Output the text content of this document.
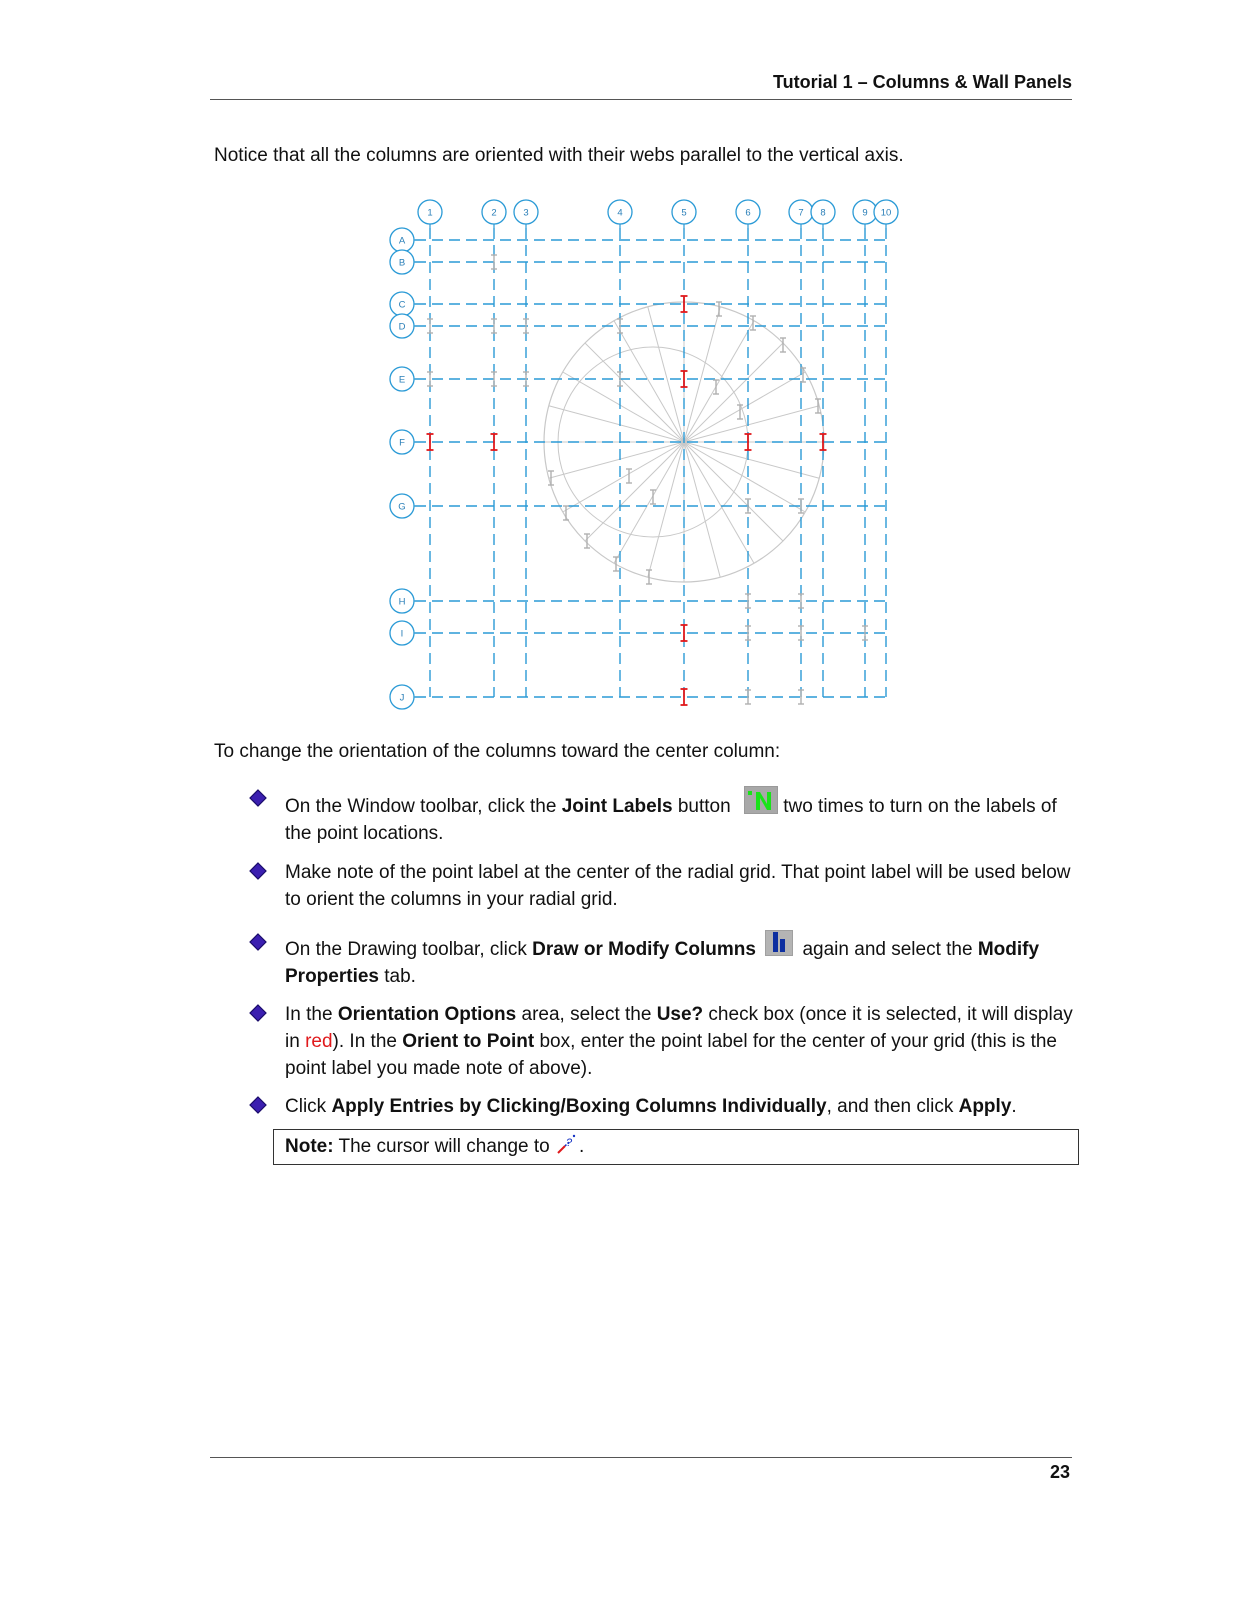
Tutorial 1 – Columns & Wall Panels
Notice that all the columns are oriented with their webs parallel to the vertical axis.
1	2	3	4	5	6	7 8	9 10
A
B
C
D
E
F
G
H
I
J
To change the orientation of the columns toward the center column:
On the Window toolbar, click the Joint Labels button  two times to turn on the labels of the point locations.
Make note of the point label at the center of the radial grid. That point label will be used below to orient the columns in your radial grid.
On the Drawing toolbar, click Draw or Modify Columns  again and select the Modify Properties tab.
In the Orientation Options area, select the Use? check box (once it is selected, it will display in red). In the Orient to Point box, enter the point label for the center of your grid (this is the point label you made note of above).
Click Apply Entries by Clicking/Boxing Columns Individually, and then click Apply.
Note: The cursor will change to ? .
23
